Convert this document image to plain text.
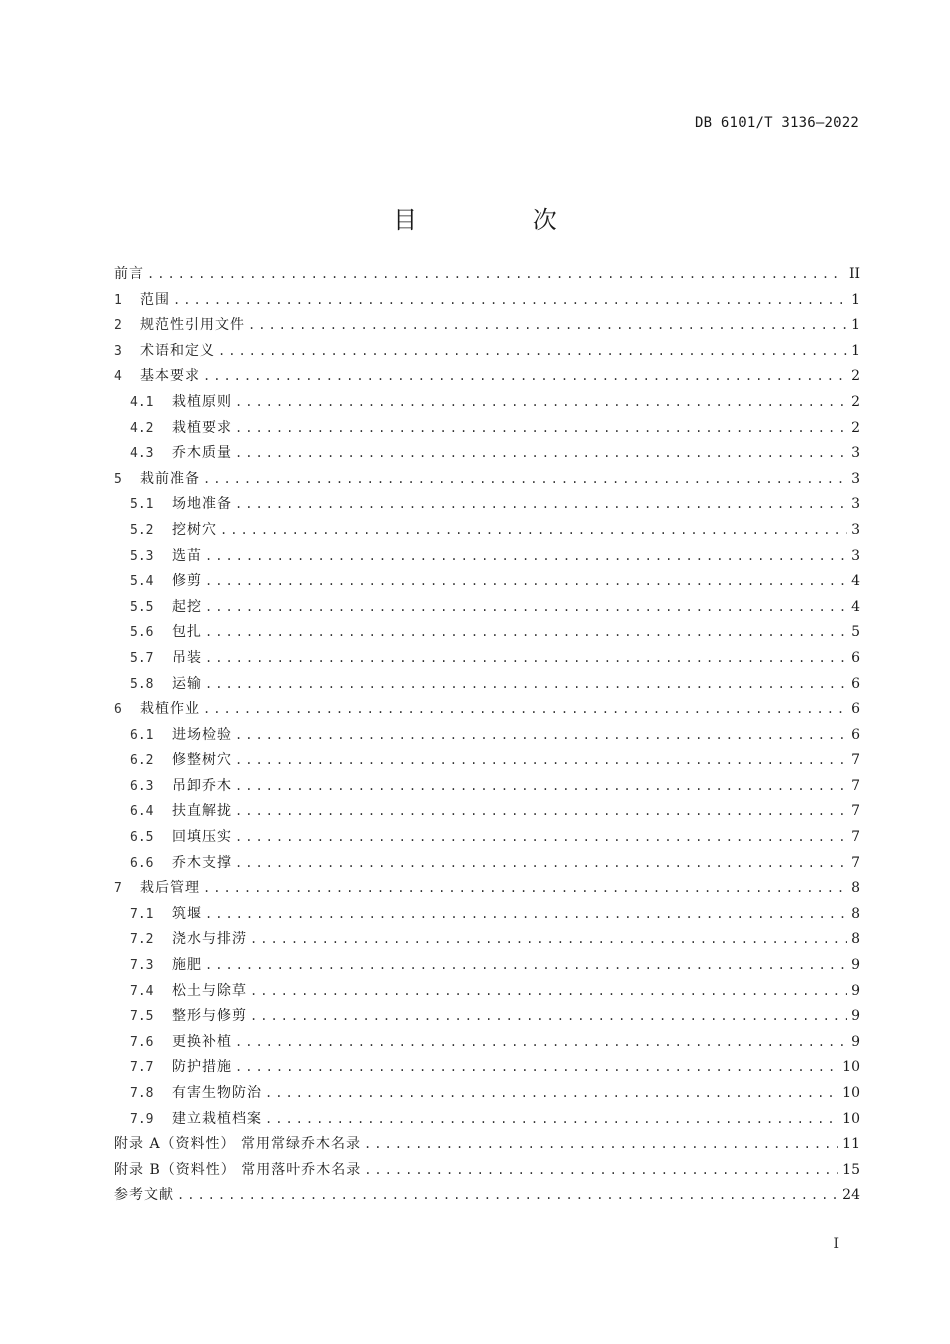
DB 6101/T 3136—2022
目 次
前言 .....	II
1	范围 .....	1
2	规范性引用文件 .....	1
3	术语和定义 .....	1
4	基本要求 .....	2
4.1	栽植原则 .....	2
4.2	栽植要求 .....	2
4.3	乔木质量 .....	3
5	栽前准备 .....	3
5.1	场地准备 .....	3
5.2	挖树穴 .....	3
5.3	选苗 .....	3
5.4	修剪 .....	4
5.5	起挖 .....	4
5.6	包扎 .....	5
5.7	吊装 .....	6
5.8	运输 .....	6
6	栽植作业 .....	6
6.1	进场检验 .....	6
6.2	修整树穴 .....	7
6.3	吊卸乔木 .....	7
6.4	扶直解拢 .....	7
6.5	回填压实 .....	7
6.6	乔木支撑 .....	7
7	栽后管理 .....	8
7.1	筑堰 .....	8
7.2	浇水与排涝 .....	8
7.3	施肥 .....	9
7.4	松土与除草 .....	9
7.5	整形与修剪 .....	9
7.6	更换补植 .....	9
7.7	防护措施 .....	10
7.8	有害生物防治 .....	10
7.9	建立栽植档案 .....	10
附录 A（资料性） 常用常绿乔木名录 .....	11
附录 B（资料性） 常用落叶乔木名录 .....	15
参考文献 .....	24
I
